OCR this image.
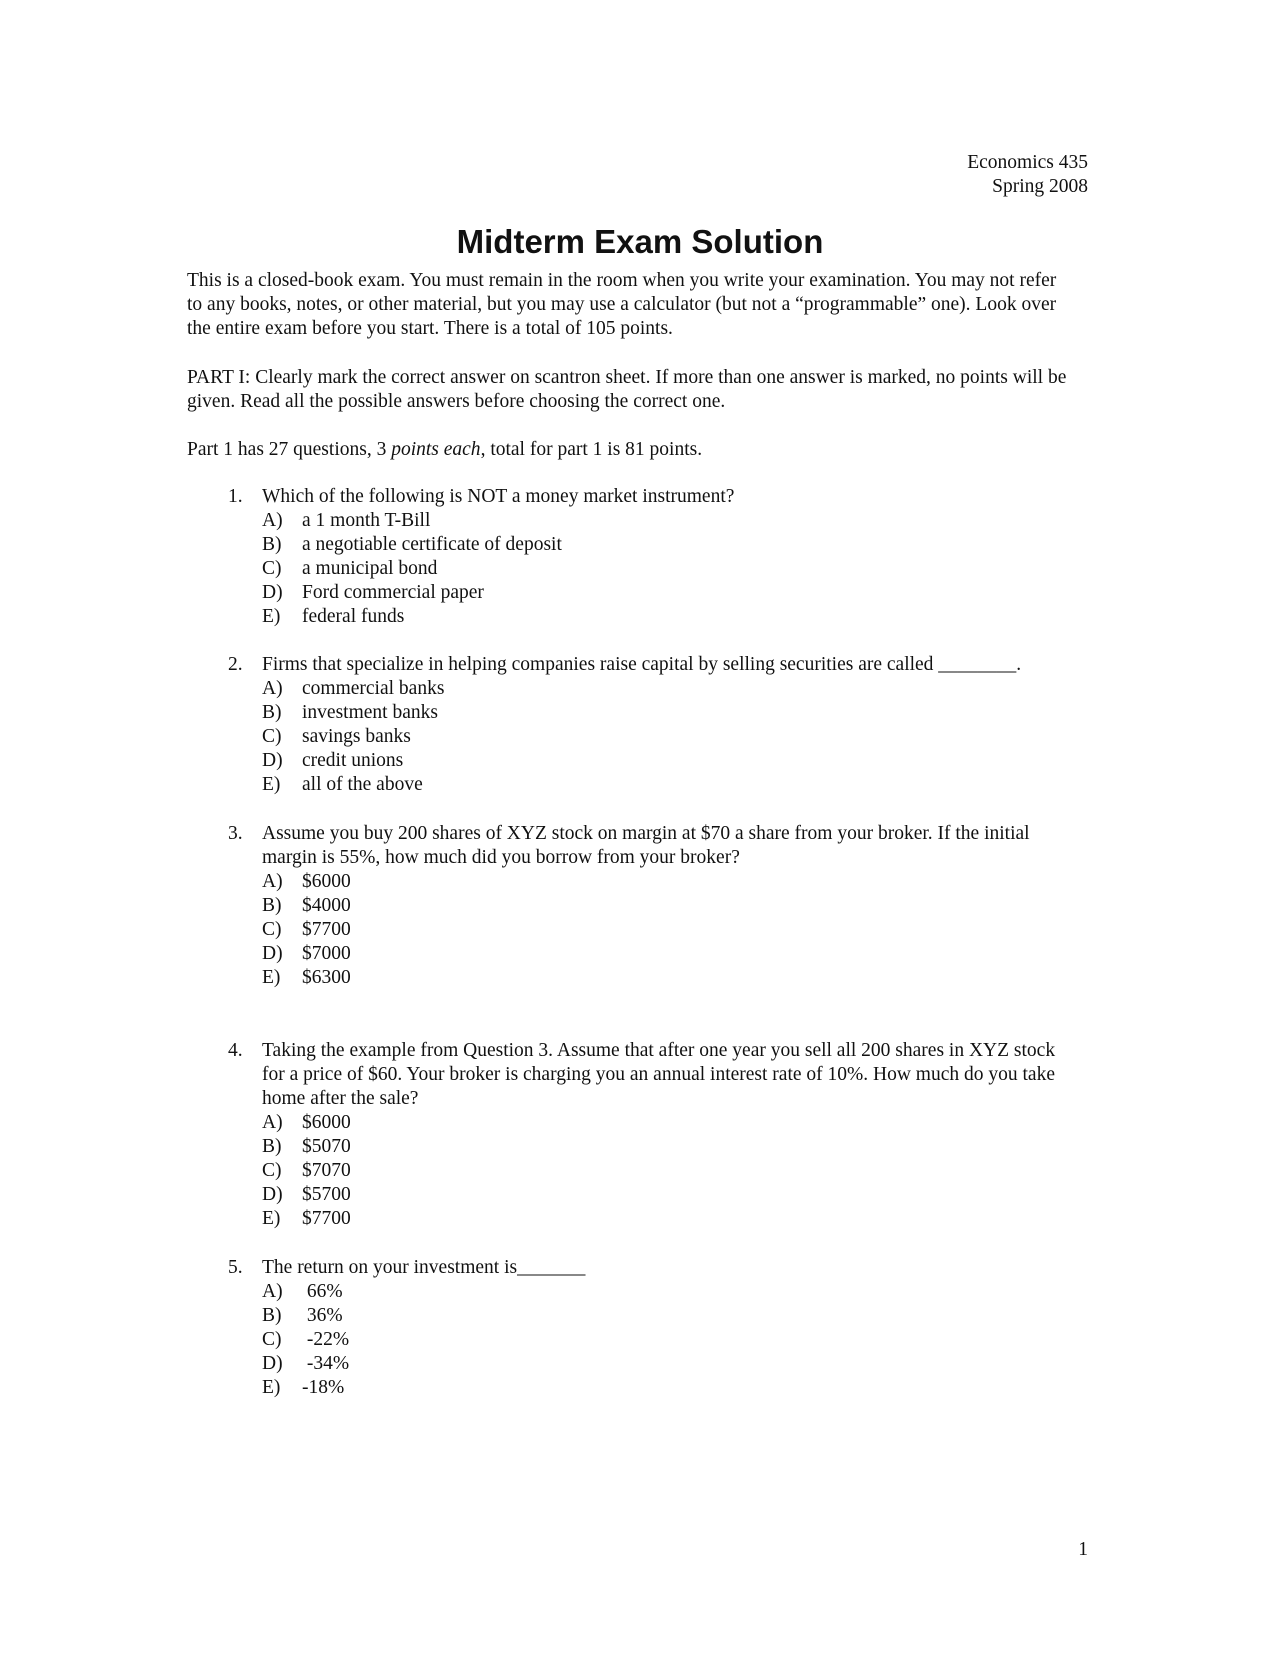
Economics 435
Spring 2008
Midterm Exam Solution

This is a closed-book exam. You must remain in the room when you write your examination. You may not refer to any books, notes, or other material, but you may use a calculator (but not a “programmable” one). Look over the entire exam before you start. There is a total of 105 points.

PART I: Clearly mark the correct answer on scantron sheet. If more than one answer is marked, no points will be given. Read all the possible answers before choosing the correct one.

Part 1 has 27 questions, 3 points each, total for part 1 is 81 points.

1. Which of the following is NOT a money market instrument?
A) a 1 month T-Bill
B)	a negotiable certificate of deposit
C)	a municipal bond
D) Ford commercial paper
E)	federal funds
2. Firms that specialize in helping companies raise capital by selling securities are called ________.
A) commercial banks
B)	investment banks
C)	savings banks
D) credit unions
E)	all of the above
3. Assume you buy 200 shares of XYZ stock on margin at $70 a share from your broker. If the initial margin is 55%, how much did you borrow from your broker?
A) $6000
B)	$4000
C)	$7700
D) $7000
E)	$6300
4. Taking the example from Question 3. Assume that after one year you sell all 200 shares in XYZ stock for a price of $60. Your broker is charging you an annual interest rate of 10%. How much do you take home after the sale?
A) $6000
B)	$5070
C)	$7070
D) $5700
E)	$7700
5. The return on your investment is_______
A) 66%
B)	36%
C)	-22%
D) -34%
E)	-18%
1
